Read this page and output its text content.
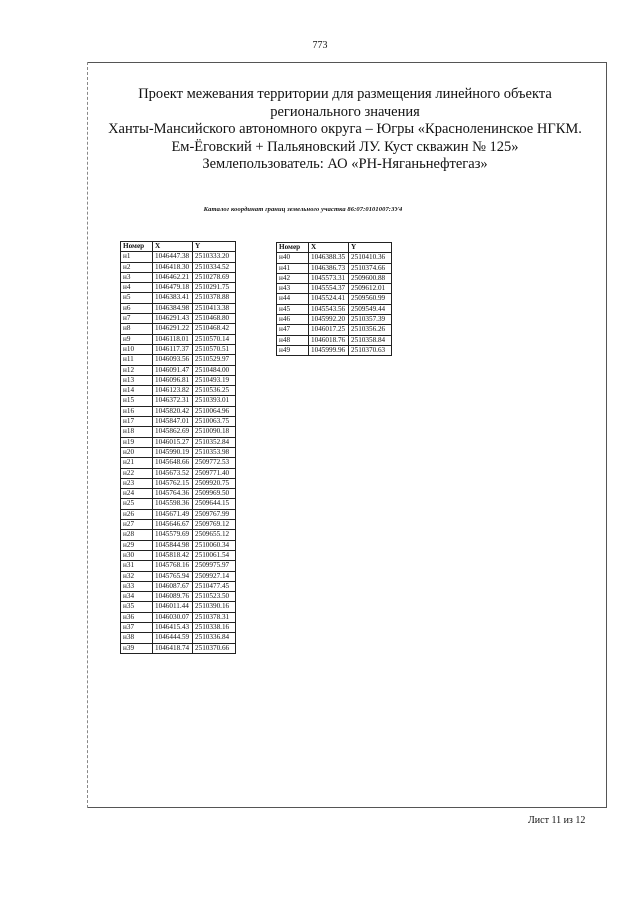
773
Проект межевания территории для размещения линейного объекта
регионального значения
Ханты-Мансийского автономного округа – Югры «Красноленинское НГКМ.
Ем-Ёговский + Пальяновский ЛУ. Куст скважин № 125»
Землепользователь: АО «РН-Няганьнефтегаз»
Каталог координат границ земельного участка 86:07:0101007:ЗУ4
Номер	X	Y
н1	1046447.38	2510333.20
н2	1046418.30	2510334.52
н3	1046462.21	2510278.69
н4	1046479.18	2510291.75
н5	1046383.41	2510378.88
н6	1046384.98	2510413.38
н7	1046291.43	2510468.80
н8	1046291.22	2510468.42
н9	1046118.01	2510570.14
н10	1046117.37	2510570.51
н11	1046093.56	2510529.97
н12	1046091.47	2510484.00
н13	1046096.81	2510493.19
н14	1046123.82	2510536.25
н15	1046372.31	2510393.01
н16	1045820.42	2510064.96
н17	1045847.01	2510063.75
н18	1045862.69	2510090.18
н19	1046015.27	2510352.84
н20	1045990.19	2510353.98
н21	1045648.66	2509772.53
н22	1045673.52	2509771.40
н23	1045762.15	2509920.75
н24	1045764.36	2509969.50
н25	1045598.36	2509644.15
н26	1045671.49	2509767.99
н27	1045646.67	2509769.12
н28	1045579.69	2509655.12
н29	1045844.98	2510060.34
н30	1045818.42	2510061.54
н31	1045768.16	2509975.97
н32	1045765.94	2509927.14
н33	1046087.67	2510477.45
н34	1046089.76	2510523.50
н35	1046011.44	2510390.16
н36	1046030.07	2510378.31
н37	1046415.43	2510338.16
н38	1046444.59	2510336.84
н39	1046418.74	2510370.66
Номер	X	Y
н40	1046388.35	2510410.36
н41	1046386.73	2510374.66
н42	1045573.31	2509600.88
н43	1045554.37	2509612.01
н44	1045524.41	2509560.99
н45	1045543.56	2509549.44
н46	1045992.20	2510357.39
н47	1046017.25	2510356.26
н48	1046018.76	2510358.84
н49	1045999.96	2510370.63
Лист 11 из 12
